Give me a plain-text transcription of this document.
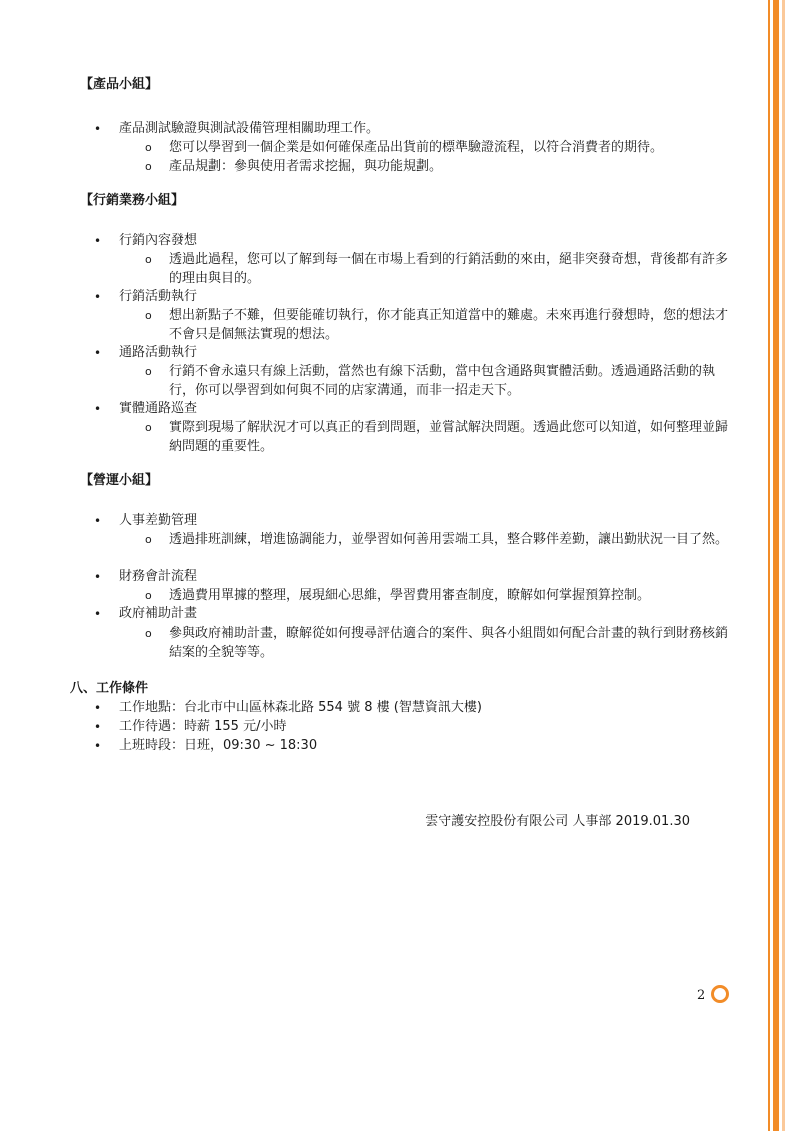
【產品小組】
產品測試驗證與測試設備管理相關助理工作。
o 您可以學習到一個企業是如何確保產品出貨前的標準驗證流程，以符合消費者的期待。
o 產品規劃：參與使用者需求挖掘，與功能規劃。
【行銷業務小組】
行銷內容發想
o 透過此過程，您可以了解到每一個在市場上看到的行銷活動的來由，絕非突發奇想，背後都有許多的理由與目的。
行銷活動執行
o 想出新點子不難，但要能確切執行，你才能真正知道當中的難處。未來再進行發想時，您的想法才不會只是個無法實現的想法。
通路活動執行
o 行銷不會永遠只有線上活動，當然也有線下活動，當中包含通路與實體活動。透過通路活動的執行，你可以學習到如何與不同的店家溝通，而非一招走天下。
實體通路巡查
o 實際到現場了解狀況才可以真正的看到問題，並嘗試解決問題。透過此您可以知道，如何整理並歸納問題的重要性。
【營運小組】
人事差勤管理
o 透過排班訓練，增進協調能力，並學習如何善用雲端工具，整合夥伴差勤，讓出勤狀況一目了然。
財務會計流程
o 透過費用單據的整理，展現細心思維，學習費用審查制度，瞭解如何掌握預算控制。
政府補助計畫
o 參與政府補助計畫，瞭解從如何搜尋評估適合的案件、與各小組間如何配合計畫的執行到財務核銷結案的全貌等等。
八、工作條件
工作地點：台北市中山區林森北路 554 號 8 樓 (智慧資訊大樓)
工作待遇：時薪 155 元/小時
上班時段：日班，09:30 ~ 18:30
雲守護安控股份有限公司 人事部 2019.01.30
2
